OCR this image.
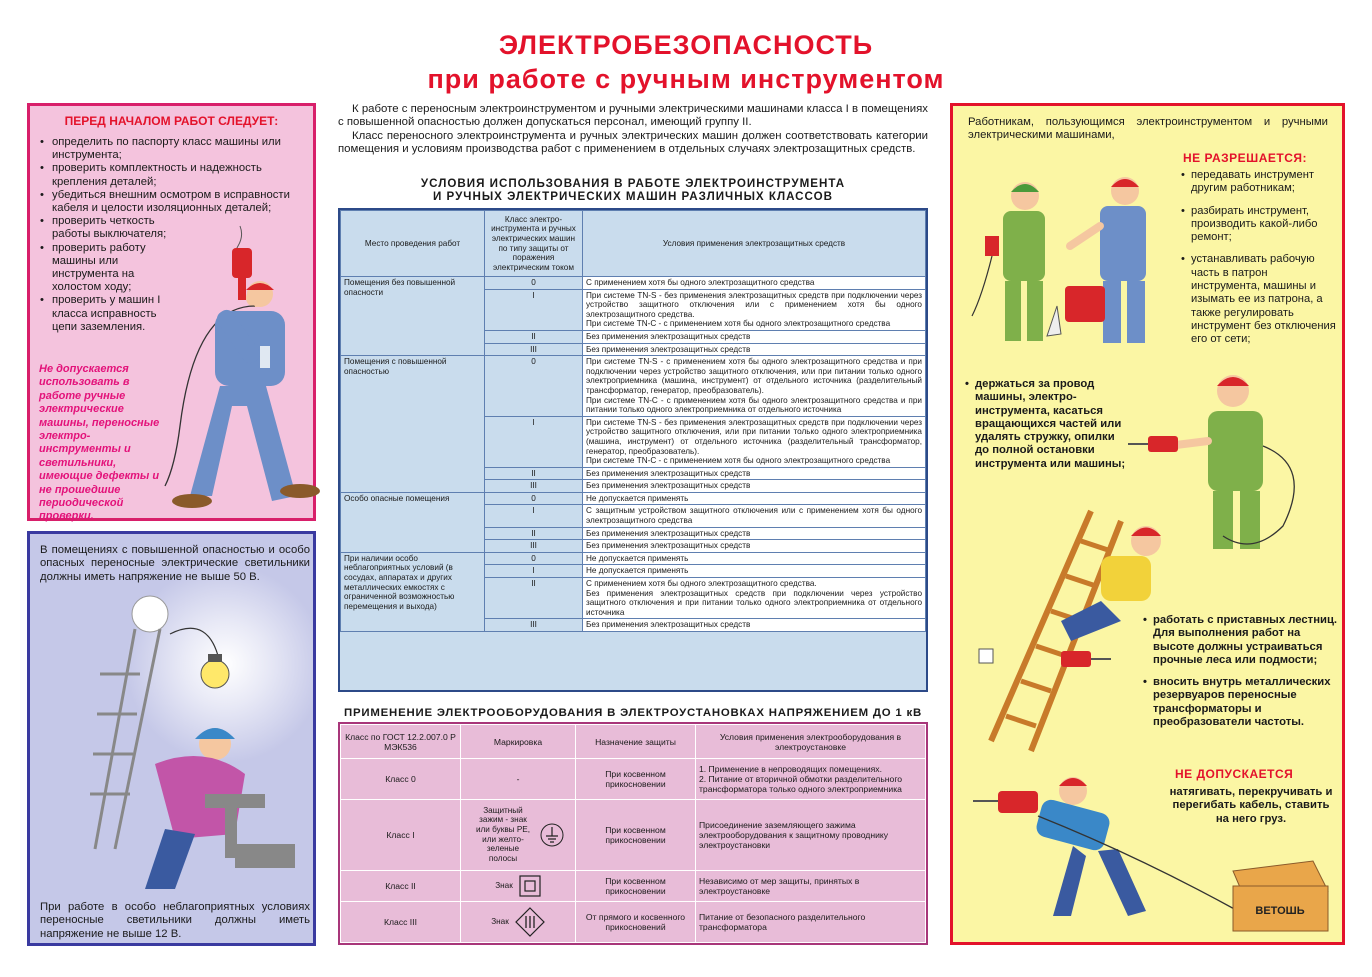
ЭЛЕКТРОБЕЗОПАСНОСТЬ
при работе с ручным инструментом
ПЕРЕД НАЧАЛОМ РАБОТ СЛЕДУЕТ:
• определить по паспорту класс машины или инструмента;
• проверить комплектность и надежность крепления деталей;
• убедиться внешним осмотром в исправности кабеля и целости изоляционных деталей;
• проверить четкость работы выключателя;
• проверить работу машины или инструмента на холостом ходу;
• проверить у машин I класса исправность цепи заземления.
Не допускается использовать в работе ручные электрические машины, переносные электро-инструменты и светильники, имеющие дефекты и не прошедшие периодической проверки.
В помещениях с повышенной опасностью и особо опасных переносные электрические светильники должны иметь напряжение не выше 50 В.
При работе в особо неблагоприятных условиях переносные светильники должны иметь напряжение не выше 12 В.

К работе с переносным электроинструментом и ручными электрическими машинами класса I в помещениях с повышенной опасностью должен допускаться персонал, имеющий группу II.

Класс переносного электроинструмента и ручных электрических машин должен соответствовать категории помещения и условиям производства работ с применением в отдельных случаях электрозащитных средств.

УСЛОВИЯ ИСПОЛЬЗОВАНИЯ В РАБОТЕ ЭЛЕКТРОИНСТРУМЕНТА
И РУЧНЫХ ЭЛЕКТРИЧЕСКИХ МАШИН РАЗЛИЧНЫХ КЛАССОВ
Место проведения работ	Класс электро-инструмента и ручных электрических машин по типу защиты от поражения электрическим током	Условия применения электрозащитных средств
Помещения без повышенной опасности	0	С применением хотя бы одного электрозащитного средства
	I	При системе TN-S - без применения электрозащитных средств при подключении через устройство защитного отключения или с применением хотя бы одного электрозащитного средства.
При системе TN-C - с применением хотя бы одного электрозащитного средства
	II	Без применения электрозащитных средств
	III	Без применения электрозащитных средств
Помещения с повышенной опасностью	0	При системе TN-S - с применением хотя бы одного электрозащитного средства и при подключении через устройство защитного отключения, или при питании только одного электроприемника (машина, инструмент) от отдельного источника (разделительный трансформатор, генератор, преобразователь).
При системе TN-C - с применением хотя бы одного электрозащитного средства и при питании только одного электроприемника от отдельного источника
	I	При системе TN-S - без применения электрозащитных средств при подключении через устройство защитного отключения, или при питании только одного электроприемника (машина, инструмент) от отдельного источника (разделительный трансформатор, генератор, преобразователь).
При системе TN-C - с применением хотя бы одного электрозащитного средства
	II	Без применения электрозащитных средств
	III	Без применения электрозащитных средств
Особо опасные помещения	0	Не допускается применять
	I	С защитным устройством защитного отключения или с применением хотя бы одного электрозащитного средства
	II	Без применения электрозащитных средств
	III	Без применения электрозащитных средств
При наличии особо неблагоприятных условий (в сосудах, аппаратах и других металлических емкостях с ограниченной возможностью перемещения и выхода)	0	Не допускается применять
	I	Не допускается применять
	II	С применением хотя бы одного электрозащитного средства.
Без применения электрозащитных средств при подключении через устройство защитного отключения и при питании только одного электроприемника от отдельного источника
	III	Без применения электрозащитных средств
ПРИМЕНЕНИЕ ЭЛЕКТРООБОРУДОВАНИЯ В ЭЛЕКТРОУСТАНОВКАХ НАПРЯЖЕНИЕМ ДО 1 кВ
Класс по ГОСТ 12.2.007.0 Р МЭК536	Маркировка	Назначение защиты	Условия применения электрооборудования в электроустановке
Класс 0	-	При косвенном прикосновении	1. Применение в непроводящих помещениях.
2. Питание от вторичной обмотки разделительного трансформатора только одного электроприемника
Класс I	Защитный зажим - знак или буквы PE, или желто-зеленые полосы	При косвенном прикосновении	Присоединение заземляющего зажима электрооборудования к защитному проводнику электроустановки
Класс II	Знак	При косвенном прикосновении	Независимо от мер защиты, принятых в электроустановке
Класс III	Знак	От прямого и косвенного прикосновений	Питание от безопасного разделительного трансформатора
Работникам, пользующимся электроинструментом и ручными электрическими машинами,
НЕ РАЗРЕШАЕТСЯ:
• передавать инструмент другим работникам;
• разбирать инструмент, производить какой-либо ремонт;
• устанавливать рабочую часть в патрон инструмента, машины и изымать ее из патрона, а также регулировать инструмент без отключения его от сети;
• держаться за провод машины, электро-инструмента, касаться вращающихся частей или удалять стружку, опилки до полной остановки инструмента или машины;
• работать с приставных лестниц. Для выполнения работ на высоте должны устраиваться прочные леса или подмости;
• вносить внутрь металлических резервуаров переносные трансформаторы и преобразователи частоты.
НЕ ДОПУСКАЕТСЯ
натягивать, перекручивать и перегибать кабель, ставить на него груз.
ВЕТОШЬ
